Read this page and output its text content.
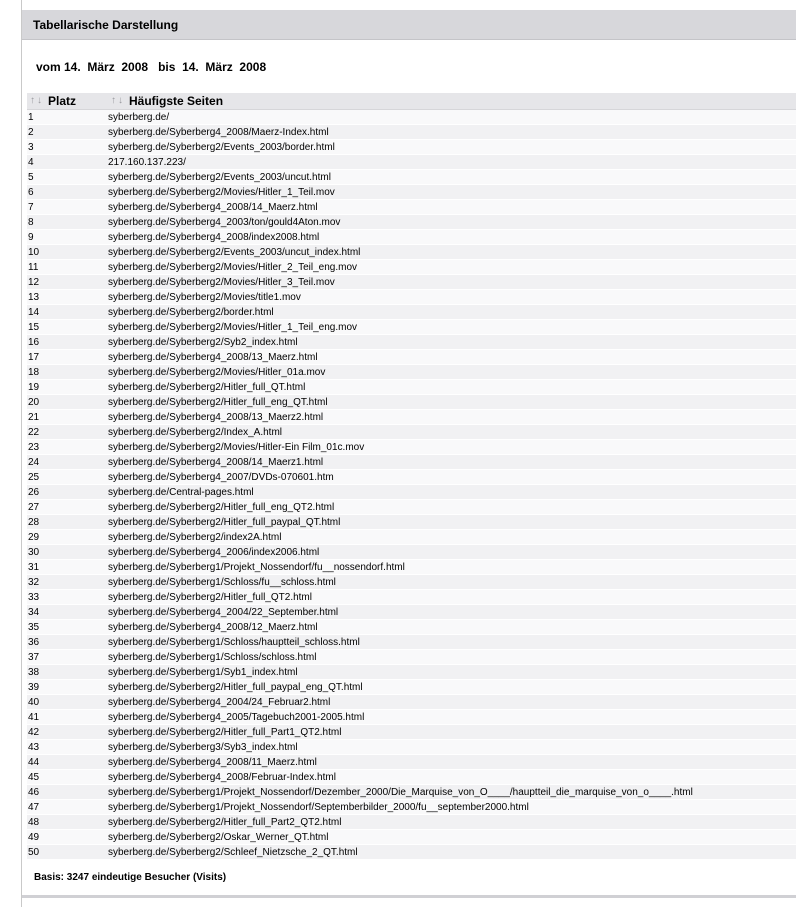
Tabellarische Darstellung
vom 14.  März  2008   bis  14.  März  2008
↑ ↓ Platz	↑ ↓ Häufigste Seiten
1	syberberg.de/
2	syberberg.de/Syberberg4_2008/Maerz-Index.html
3	syberberg.de/Syberberg2/Events_2003/border.html
4	217.160.137.223/
5	syberberg.de/Syberberg2/Events_2003/uncut.html
6	syberberg.de/Syberberg2/Movies/Hitler_1_Teil.mov
7	syberberg.de/Syberberg4_2008/14_Maerz.html
8	syberberg.de/Syberberg4_2003/ton/gould4Aton.mov
9	syberberg.de/Syberberg4_2008/index2008.html
10	syberberg.de/Syberberg2/Events_2003/uncut_index.html
11	syberberg.de/Syberberg2/Movies/Hitler_2_Teil_eng.mov
12	syberberg.de/Syberberg2/Movies/Hitler_3_Teil.mov
13	syberberg.de/Syberberg2/Movies/title1.mov
14	syberberg.de/Syberberg2/border.html
15	syberberg.de/Syberberg2/Movies/Hitler_1_Teil_eng.mov
16	syberberg.de/Syberberg2/Syb2_index.html
17	syberberg.de/Syberberg4_2008/13_Maerz.html
18	syberberg.de/Syberberg2/Movies/Hitler_01a.mov
19	syberberg.de/Syberberg2/Hitler_full_QT.html
20	syberberg.de/Syberberg2/Hitler_full_eng_QT.html
21	syberberg.de/Syberberg4_2008/13_Maerz2.html
22	syberberg.de/Syberberg2/Index_A.html
23	syberberg.de/Syberberg2/Movies/Hitler-Ein Film_01c.mov
24	syberberg.de/Syberberg4_2008/14_Maerz1.html
25	syberberg.de/Syberberg4_2007/DVDs-070601.htm
26	syberberg.de/Central-pages.html
27	syberberg.de/Syberberg2/Hitler_full_eng_QT2.html
28	syberberg.de/Syberberg2/Hitler_full_paypal_QT.html
29	syberberg.de/Syberberg2/index2A.html
30	syberberg.de/Syberberg4_2006/index2006.html
31	syberberg.de/Syberberg1/Projekt_Nossendorf/fu__nossendorf.html
32	syberberg.de/Syberberg1/Schloss/fu__schloss.html
33	syberberg.de/Syberberg2/Hitler_full_QT2.html
34	syberberg.de/Syberberg4_2004/22_September.html
35	syberberg.de/Syberberg4_2008/12_Maerz.html
36	syberberg.de/Syberberg1/Schloss/hauptteil_schloss.html
37	syberberg.de/Syberberg1/Schloss/schloss.html
38	syberberg.de/Syberberg1/Syb1_index.html
39	syberberg.de/Syberberg2/Hitler_full_paypal_eng_QT.html
40	syberberg.de/Syberberg4_2004/24_Februar2.html
41	syberberg.de/Syberberg4_2005/Tagebuch2001-2005.html
42	syberberg.de/Syberberg2/Hitler_full_Part1_QT2.html
43	syberberg.de/Syberberg3/Syb3_index.html
44	syberberg.de/Syberberg4_2008/11_Maerz.html
45	syberberg.de/Syberberg4_2008/Februar-Index.html
46	syberberg.de/Syberberg1/Projekt_Nossendorf/Dezember_2000/Die_Marquise_von_O____/hauptteil_die_marquise_von_o____.html
47	syberberg.de/Syberberg1/Projekt_Nossendorf/Septemberbilder_2000/fu__september2000.html
48	syberberg.de/Syberberg2/Hitler_full_Part2_QT2.html
49	syberberg.de/Syberberg2/Oskar_Werner_QT.html
50	syberberg.de/Syberberg2/Schleef_Nietzsche_2_QT.html
Basis: 3247 eindeutige Besucher (Visits)
